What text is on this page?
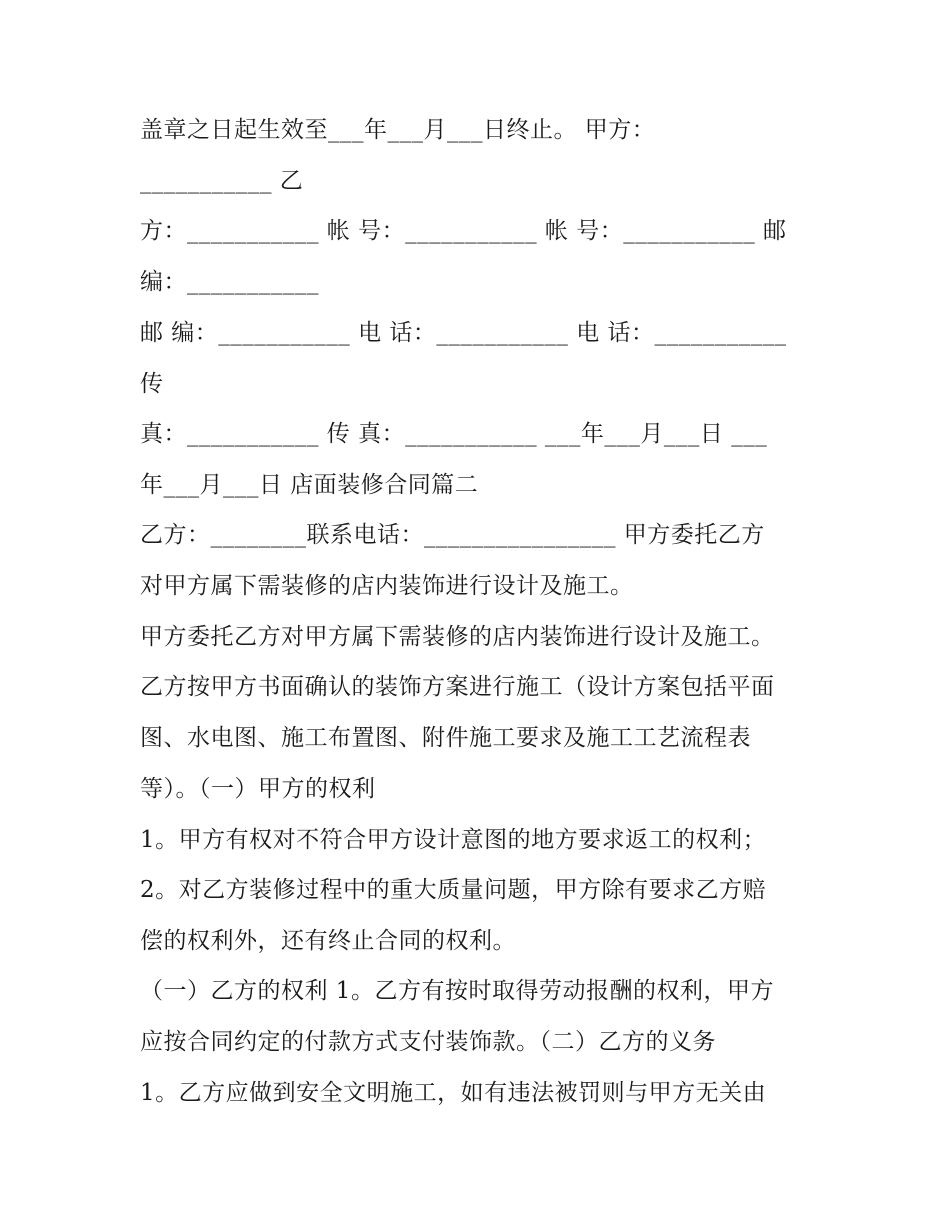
盖章之日起生效至___年___月___日终止。 甲方：
___________ 乙
方：___________ 帐 号：___________ 帐 号：___________ 邮
编：___________
邮 编：___________ 电 话：___________ 电 话：___________
传
真：___________ 传 真：___________ ___年___月___日 ___
年___月___日 店面装修合同篇二
乙方：________联系电话：________________ 甲方委托乙方
对甲方属下需装修的店内装饰进行设计及施工。
甲方委托乙方对甲方属下需装修的店内装饰进行设计及施工。
乙方按甲方书面确认的装饰方案进行施工（设计方案包括平面
图、水电图、施工布置图、附件施工要求及施工工艺流程表
等）。（一）甲方的权利
1。甲方有权对不符合甲方设计意图的地方要求返工的权利；
2。对乙方装修过程中的重大质量问题，甲方除有要求乙方赔
偿的权利外，还有终止合同的权利。
（一）乙方的权利 1。乙方有按时取得劳动报酬的权利，甲方
应按合同约定的付款方式支付装饰款。（二）乙方的义务
1。乙方应做到安全文明施工，如有违法被罚则与甲方无关由
